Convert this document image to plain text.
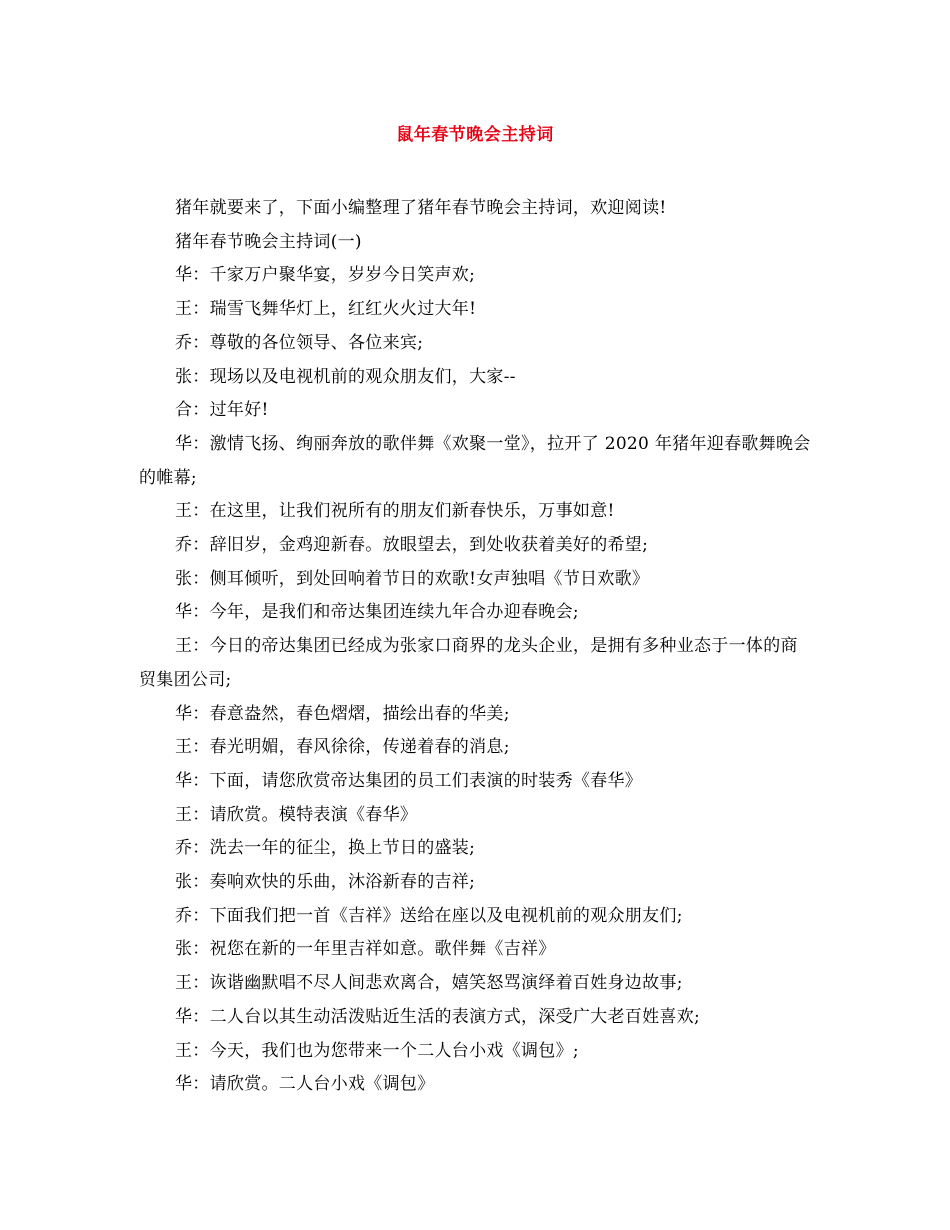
鼠年春节晚会主持词

猪年就要来了，下面小编整理了猪年春节晚会主持词，欢迎阅读!

猪年春节晚会主持词(一)

华：千家万户聚华宴，岁岁今日笑声欢;

王：瑞雪飞舞华灯上，红红火火过大年!

乔：尊敬的各位领导、各位来宾;

张：现场以及电视机前的观众朋友们，大家--

合：过年好!

华：激情飞扬、绚丽奔放的歌伴舞《欢聚一堂》，拉开了 2020 年猪年迎春歌舞晚会的帷幕;

王：在这里，让我们祝所有的朋友们新春快乐，万事如意!

乔：辞旧岁，金鸡迎新春。放眼望去，到处收获着美好的希望;

张：侧耳倾听，到处回响着节日的欢歌!女声独唱《节日欢歌》

华：今年，是我们和帝达集团连续九年合办迎春晚会;

王：今日的帝达集团已经成为张家口商界的龙头企业，是拥有多种业态于一体的商贸集团公司;

华：春意盎然，春色熠熠，描绘出春的华美;

王：春光明媚，春风徐徐，传递着春的消息;

华：下面，请您欣赏帝达集团的员工们表演的时装秀《春华》

王：请欣赏。模特表演《春华》

乔：洗去一年的征尘，换上节日的盛装;

张：奏响欢快的乐曲，沐浴新春的吉祥;

乔：下面我们把一首《吉祥》送给在座以及电视机前的观众朋友们;

张：祝您在新的一年里吉祥如意。歌伴舞《吉祥》

王：诙谐幽默唱不尽人间悲欢离合，嬉笑怒骂演绎着百姓身边故事;

华：二人台以其生动活泼贴近生活的表演方式，深受广大老百姓喜欢;

王：今天，我们也为您带来一个二人台小戏《调包》;

华：请欣赏。二人台小戏《调包》
